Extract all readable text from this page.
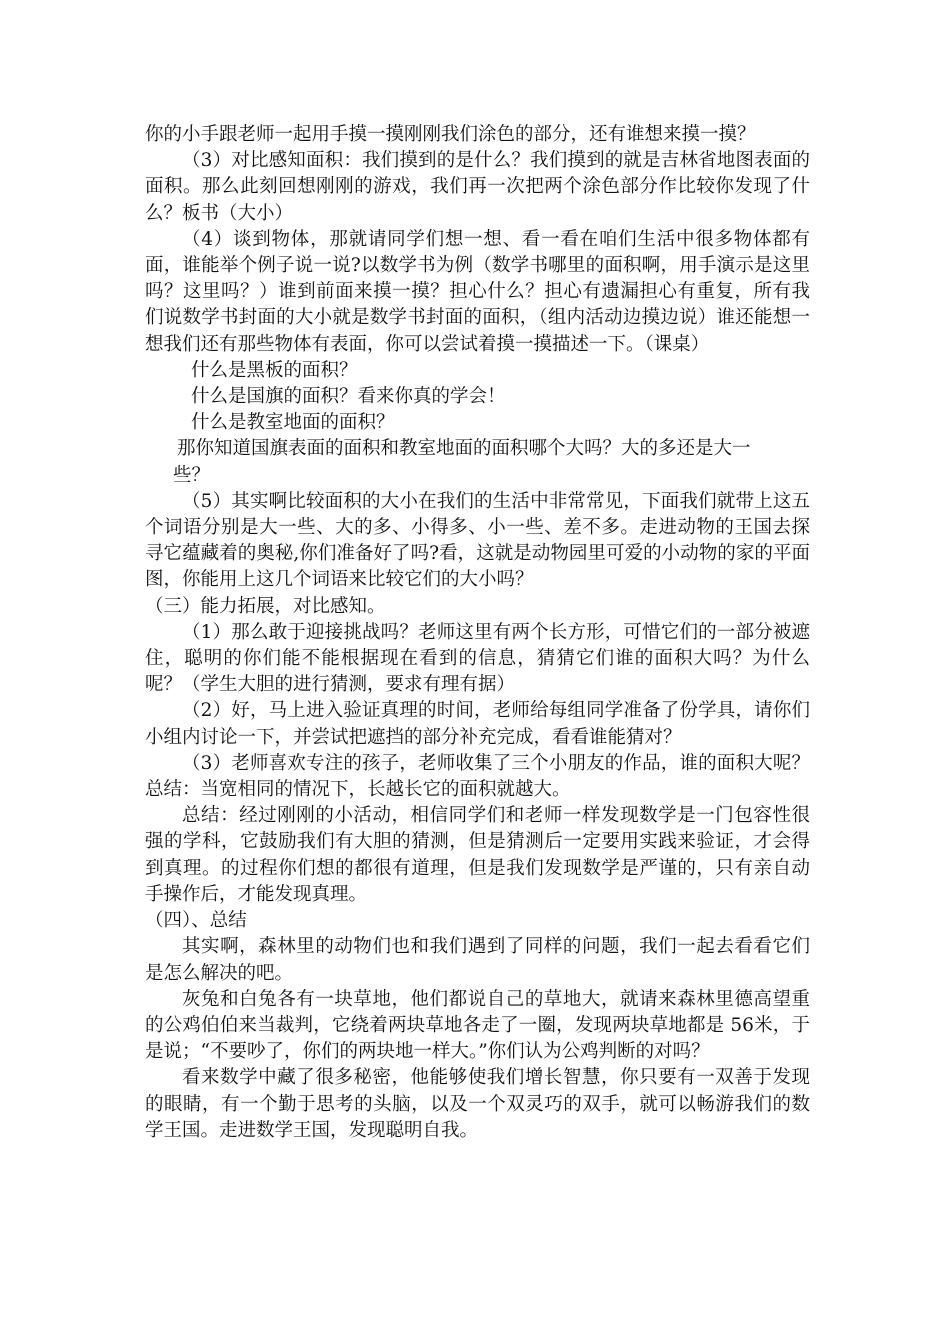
你的小手跟老师一起用手摸一摸刚刚我们涂色的部分，还有谁想来摸一摸？

（3）对比感知面积：我们摸到的是什么？我们摸到的就是吉林省地图表面的面积。那么此刻回想刚刚的游戏，我们再一次把两个涂色部分作比较你发现了什么？板书（大小）

（4）谈到物体，那就请同学们想一想、看一看在咱们生活中很多物体都有面，谁能举个例子说一说?以数学书为例（数学书哪里的面积啊，用手演示是这里吗？这里吗？）谁到前面来摸一摸？担心什么？担心有遗漏担心有重复，所有我们说数学书封面的大小就是数学书封面的面积，（组内活动边摸边说）谁还能想一想我们还有那些物体有表面，你可以尝试着摸一摸描述一下。（课桌）

什么是黑板的面积？

什么是国旗的面积？看来你真的学会！

什么是教室地面的面积？

那你知道国旗表面的面积和教室地面的面积哪个大吗？大的多还是大一

些？

（5）其实啊比较面积的大小在我们的生活中非常常见，下面我们就带上这五个词语分别是大一些、大的多、小得多、小一些、差不多。走进动物的王国去探寻它蕴藏着的奥秘,你们准备好了吗?看，这就是动物园里可爱的小动物的家的平面图，你能用上这几个词语来比较它们的大小吗？

（三）能力拓展，对比感知。

（1）那么敢于迎接挑战吗？老师这里有两个长方形，可惜它们的一部分被遮住，聪明的你们能不能根据现在看到的信息，猜猜它们谁的面积大吗？为什么呢？（学生大胆的进行猜测，要求有理有据）

（2）好，马上进入验证真理的时间，老师给每组同学准备了份学具，请你们小组内讨论一下，并尝试把遮挡的部分补充完成，看看谁能猜对？

（3）老师喜欢专注的孩子，老师收集了三个小朋友的作品，谁的面积大呢？总结：当宽相同的情况下，长越长它的面积就越大。

总结：经过刚刚的小活动，相信同学们和老师一样发现数学是一门包容性很强的学科，它鼓励我们有大胆的猜测，但是猜测后一定要用实践来验证，才会得到真理。的过程你们想的都很有道理，但是我们发现数学是严谨的，只有亲自动手操作后，才能发现真理。

（四）、总结

其实啊，森林里的动物们也和我们遇到了同样的问题，我们一起去看看它们是怎么解决的吧。

灰兔和白兔各有一块草地，他们都说自己的草地大，就请来森林里德高望重的公鸡伯伯来当裁判，它绕着两块草地各走了一圈，发现两块草地都是 56米，于是说；“不要吵了，你们的两块地一样大。”你们认为公鸡判断的对吗？

看来数学中藏了很多秘密，他能够使我们增长智慧，你只要有一双善于发现的眼睛，有一个勤于思考的头脑，以及一个双灵巧的双手，就可以畅游我们的数学王国。走进数学王国，发现聪明自我。
